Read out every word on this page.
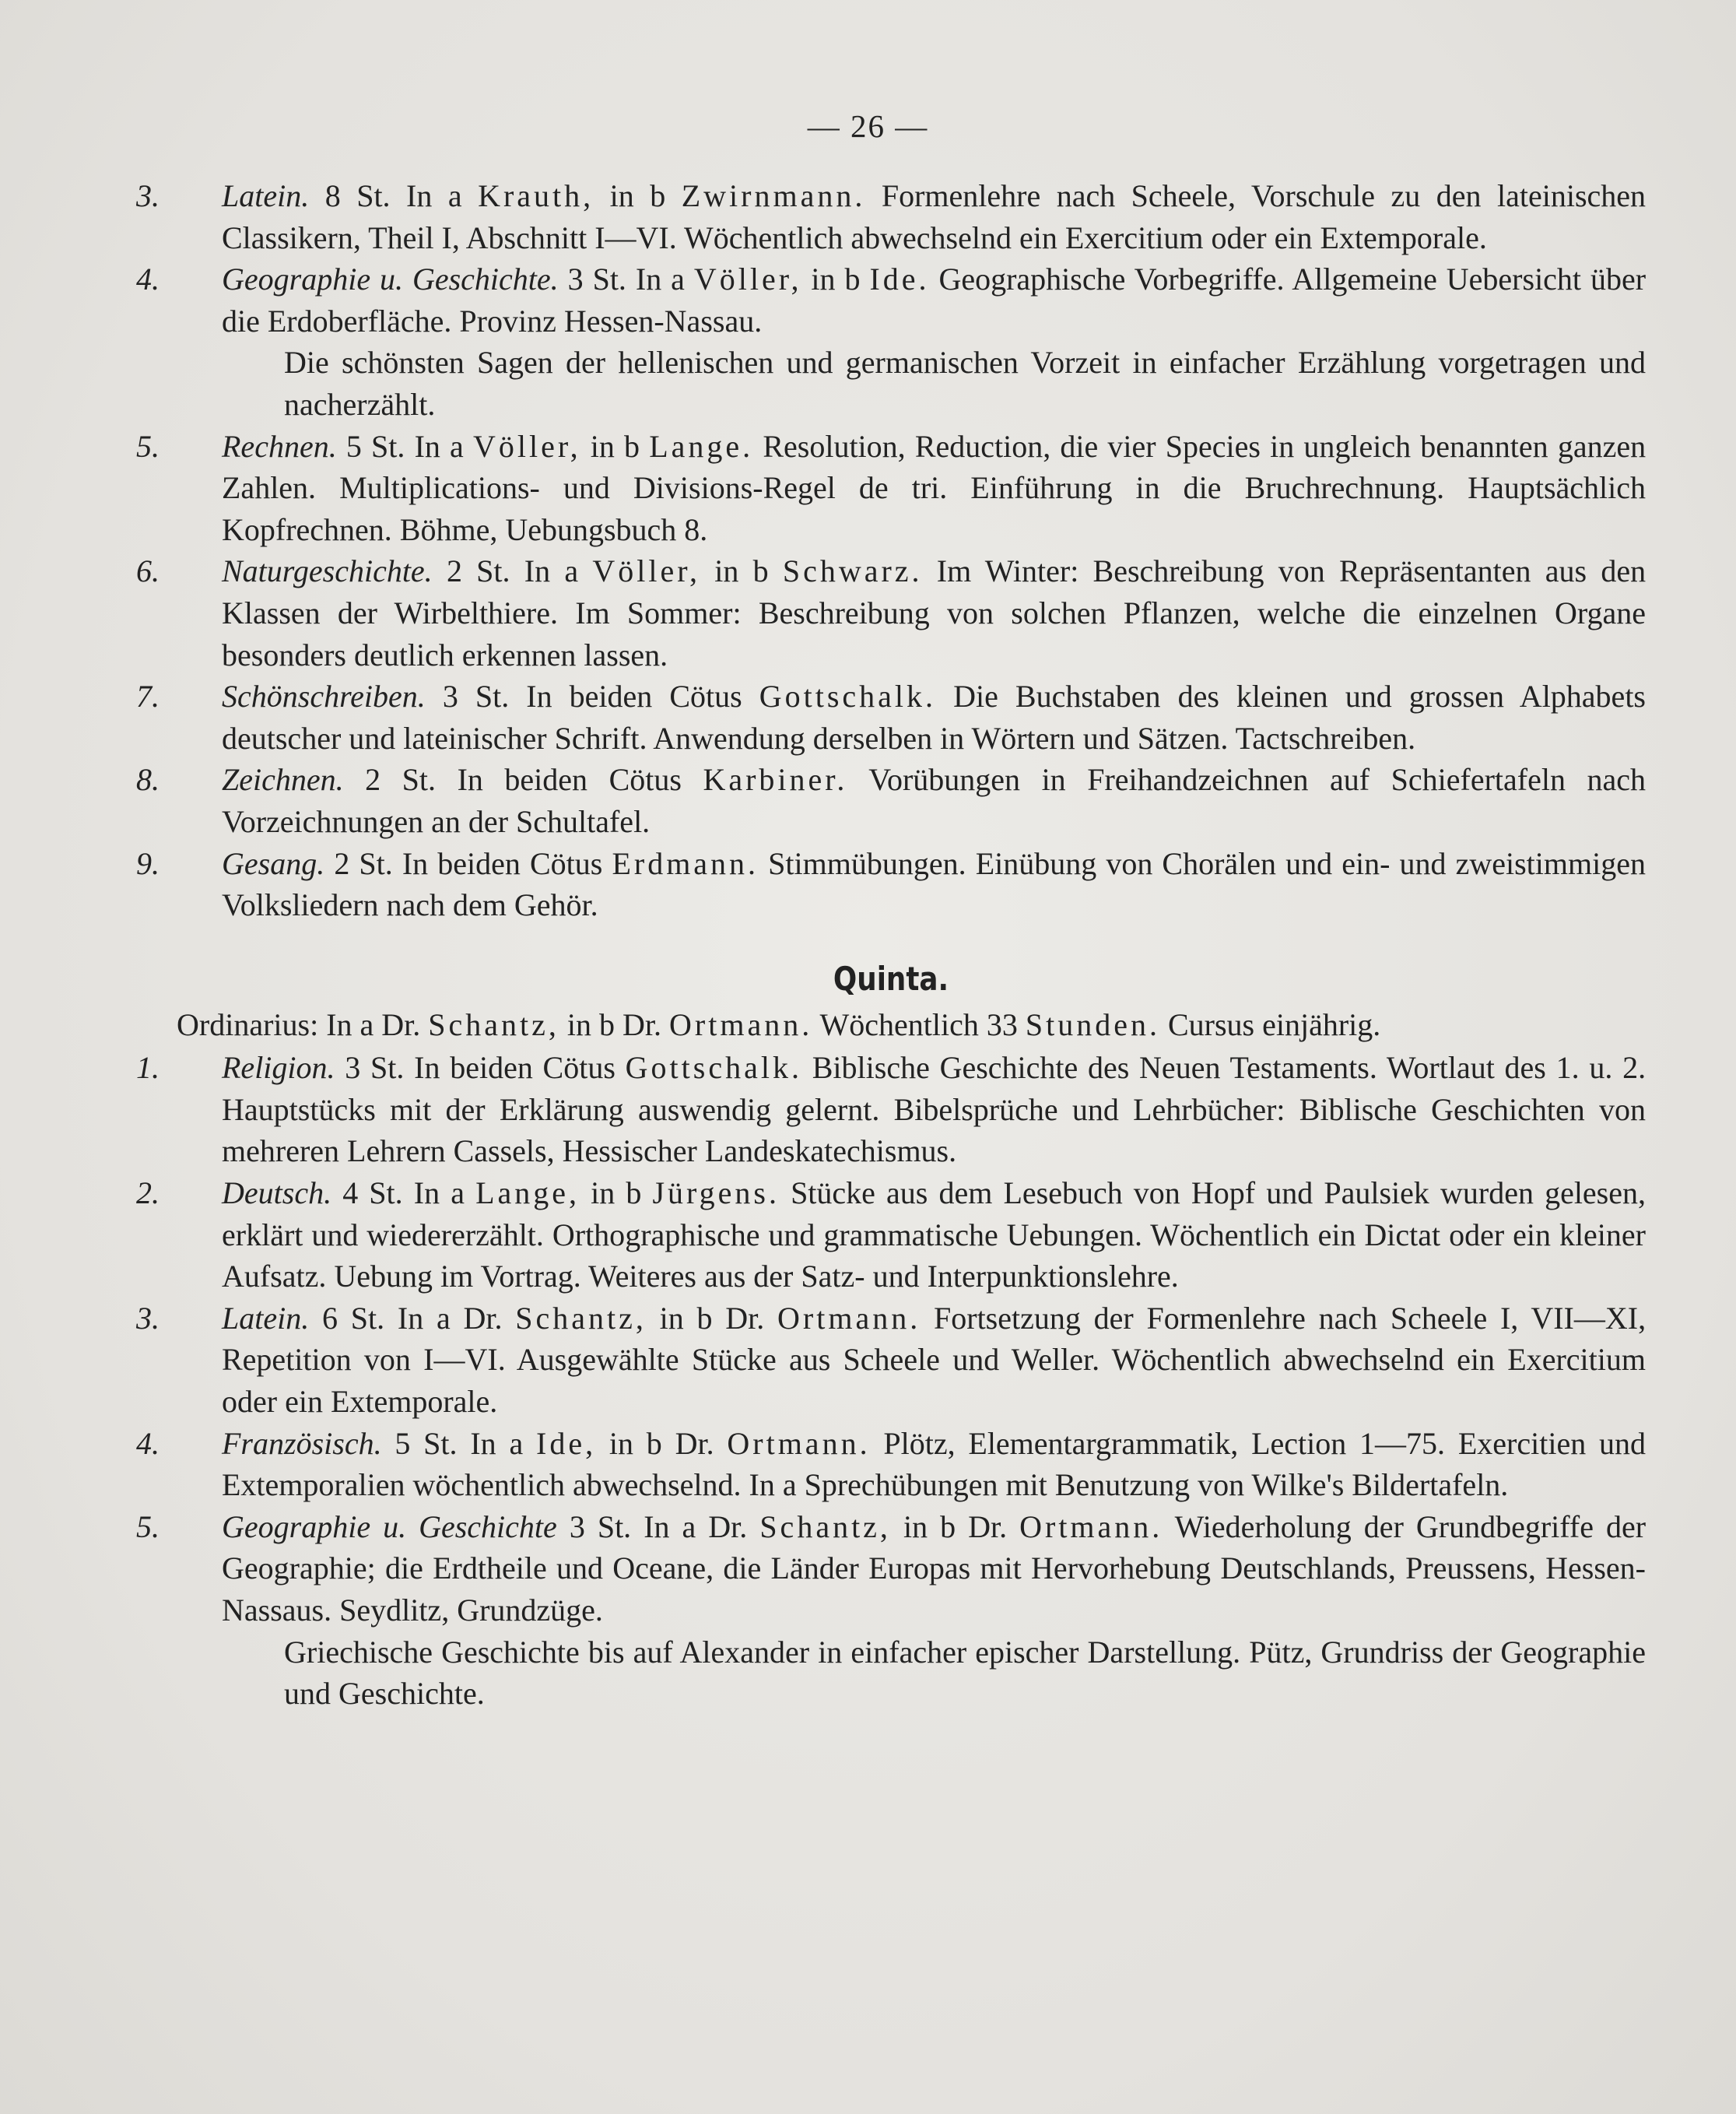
— 26 —
3. Latein. 8 St. In a Krauth, in b Zwirnmann. Formenlehre nach Scheele, Vorschule zu den lateinischen Classikern, Theil I, Abschnitt I—VI. Wöchentlich abwechselnd ein Exercitium oder ein Extemporale.
4. Geographie u. Geschichte. 3 St. In a Völler, in b Ide. Geographische Vorbegriffe. Allgemeine Uebersicht über die Erdoberfläche. Provinz Hessen-Nassau.
Die schönsten Sagen der hellenischen und germanischen Vorzeit in einfacher Erzählung vorgetragen und nacherzählt.
5. Rechnen. 5 St. In a Völler, in b Lange. Resolution, Reduction, die vier Species in ungleich benannten ganzen Zahlen. Multiplications- und Divisions-Regel de tri. Einführung in die Bruchrechnung. Hauptsächlich Kopfrechnen. Böhme, Uebungsbuch 8.
6. Naturgeschichte. 2 St. In a Völler, in b Schwarz. Im Winter: Beschreibung von Repräsentanten aus den Klassen der Wirbelthiere. Im Sommer: Beschreibung von solchen Pflanzen, welche die einzelnen Organe besonders deutlich erkennen lassen.
7. Schönschreiben. 3 St. In beiden Cötus Gottschalk. Die Buchstaben des kleinen und grossen Alphabets deutscher und lateinischer Schrift. Anwendung derselben in Wörtern und Sätzen. Tactschreiben.
8. Zeichnen. 2 St. In beiden Cötus Karbiner. Vorübungen in Freihandzeichnen auf Schiefertafeln nach Vorzeichnungen an der Schultafel.
9. Gesang. 2 St. In beiden Cötus Erdmann. Stimmübungen. Einübung von Chorälen und ein- und zweistimmigen Volksliedern nach dem Gehör.
Quinta.
Ordinarius: In a Dr. Schantz, in b Dr. Ortmann. Wöchentlich 33 Stunden. Cursus einjährig.
1. Religion. 3 St. In beiden Cötus Gottschalk. Biblische Geschichte des Neuen Testaments. Wortlaut des 1. u. 2. Hauptstücks mit der Erklärung auswendig gelernt. Bibelsprüche und Lehrbücher: Biblische Geschichten von mehreren Lehrern Cassels, Hessischer Landeskatechismus.
2. Deutsch. 4 St. In a Lange, in b Jürgens. Stücke aus dem Lesebuch von Hopf und Paulsiek wurden gelesen, erklärt und wiedererzählt. Orthographische und grammatische Uebungen. Wöchentlich ein Dictat oder ein kleiner Aufsatz. Uebung im Vortrag. Weiteres aus der Satz- und Interpunktionslehre.
3. Latein. 6 St. In a Dr. Schantz, in b Dr. Ortmann. Fortsetzung der Formenlehre nach Scheele I, VII—XI, Repetition von I—VI. Ausgewählte Stücke aus Scheele und Weller. Wöchentlich abwechselnd ein Exercitium oder ein Extemporale.
4. Französisch. 5 St. In a Ide, in b Dr. Ortmann. Plötz, Elementargrammatik, Lection 1—75. Exercitien und Extemporalien wöchentlich abwechselnd. In a Sprechübungen mit Benutzung von Wilke's Bildertafeln.
5. Geographie u. Geschichte 3 St. In a Dr. Schantz, in b Dr. Ortmann. Wiederholung der Grundbegriffe der Geographie; die Erdtheile und Oceane, die Länder Europas mit Hervorhebung Deutschlands, Preussens, Hessen-Nassaus. Seydlitz, Grundzüge.
Griechische Geschichte bis auf Alexander in einfacher epischer Darstellung. Pütz, Grundriss der Geographie und Geschichte.
